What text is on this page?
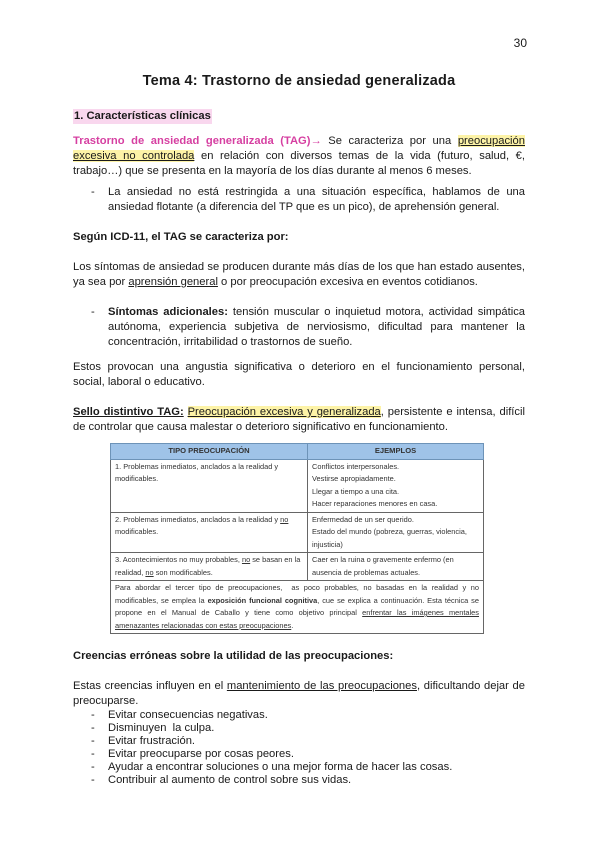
30
Tema 4: Trastorno de ansiedad generalizada
1. Características clínicas

Trastorno de ansiedad generalizada (TAG)→ Se caracteriza por una preocupación excesiva no controlada en relación con diversos temas de la vida (futuro, salud, €, trabajo…) que se presenta en la mayoría de los días durante al menos 6 meses.

- La ansiedad no está restringida a una situación específica, hablamos de una ansiedad flotante (a diferencia del TP que es un pico), de aprehensión general.

Según ICD-11, el TAG se caracteriza por:

Los síntomas de ansiedad se producen durante más días de los que han estado ausentes, ya sea por aprensión general o por preocupación excesiva en eventos cotidianos.

- Síntomas adicionales: tensión muscular o inquietud motora, actividad simpática autónoma, experiencia subjetiva de nerviosismo, dificultad para mantener la concentración, irritabilidad o trastornos de sueño.

Estos provocan una angustia significativa o deterioro en el funcionamiento personal, social, laboral o educativo.

Sello distintivo TAG: Preocupación excesiva y generalizada, persistente e intensa, difícil de controlar que causa malestar o deterioro significativo en funcionamiento.

TIPO PREOCUPACIÓN	EJEMPLOS
1. Problemas inmediatos, anclados a la realidad y modificables.	Conflictos interpersonales.
Vestirse apropiadamente.
Llegar a tiempo a una cita.
Hacer reparaciones menores en casa.

2. Problemas inmediatos, anclados a la realidad y no modificables.	Enfermedad de un ser querido.
Estado del mundo (pobreza, guerras, violencia, injusticia)

3. Acontecimientos no muy probables, no se basan en la realidad, no son modificables.	Caer en la ruina o gravemente enfermo (en ausencia de problemas actuales.
Para abordar el tercer tipo de preocupaciones,  as poco probables, no basadas en la realidad y no modificables, se emplea la exposición funcional cognitiva, cue se explica a continuación. Esta técnica se propone en el Manual de Caballo y tiene como objetivo principal enfrentar las imágenes mentales amenazantes relacionadas con estas preocupaciones.	

Creencias erróneas sobre la utilidad de las preocupaciones:

Estas creencias influyen en el mantenimiento de las preocupaciones, dificultando dejar de preocuparse.

- Evitar consecuencias negativas.
- Disminuyen  la culpa.
- Evitar frustración.
- Evitar preocuparse por cosas peores.
- Ayudar a encontrar soluciones o una mejor forma de hacer las cosas.
- Contribuir al aumento de control sobre sus vidas.
